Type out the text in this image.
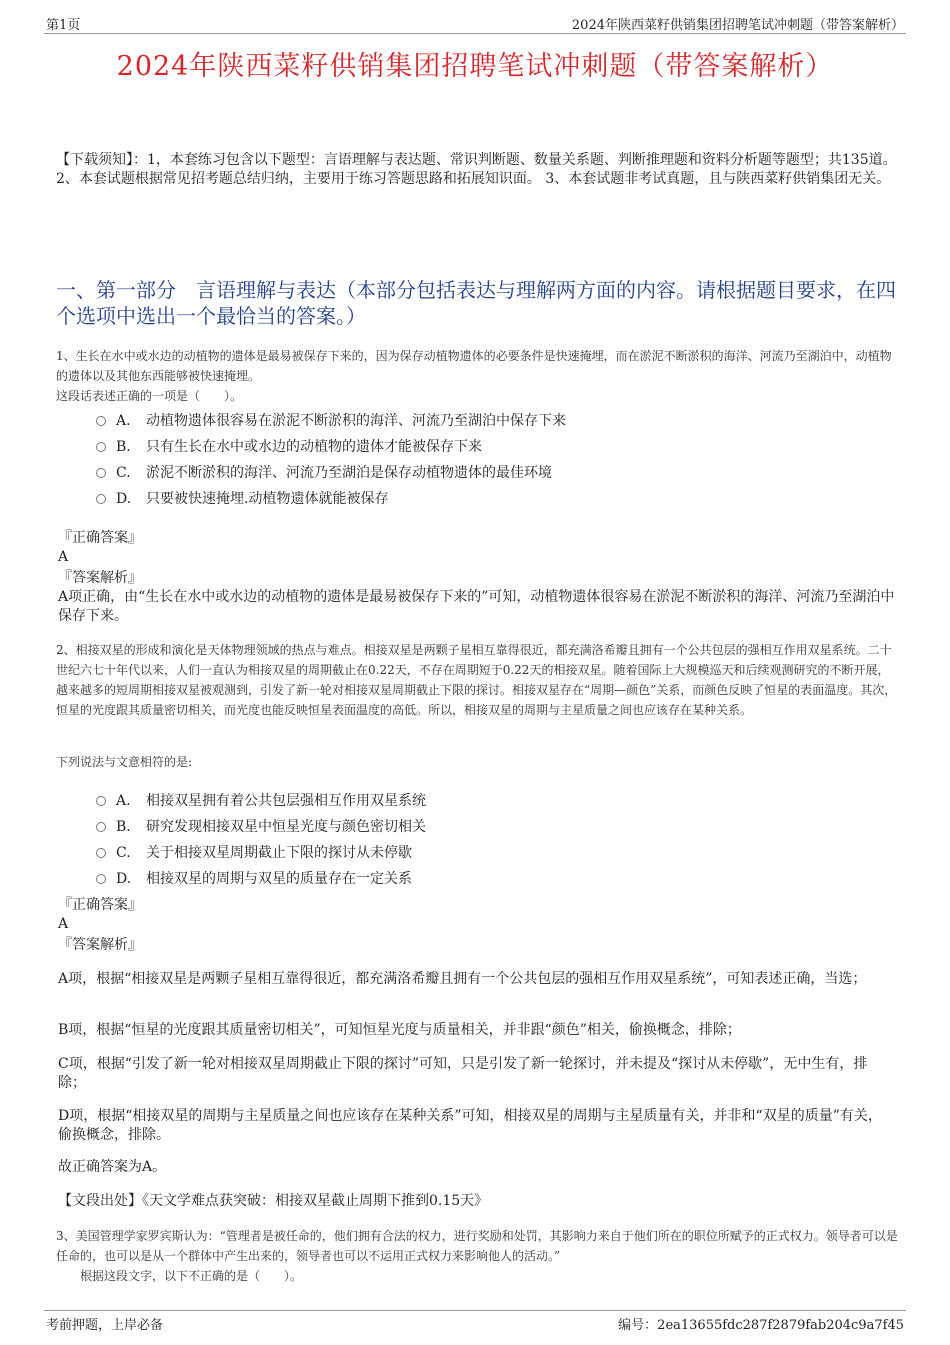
第1页	2024年陕西菜籽供销集团招聘笔试冲刺题（带答案解析）
2024年陕西菜籽供销集团招聘笔试冲刺题（带答案解析）
【下载须知】：1，本套练习包含以下题型：言语理解与表达题、常识判断题、数量关系题、判断推理题和资料分析题等题型；共135道。 2、本套试题根据常见招考题总结归纳，主要用于练习答题思路和拓展知识面。 3、本套试题非考试真题，且与陕西菜籽供销集团无关。
一、第一部分　言语理解与表达（本部分包括表达与理解两方面的内容。请根据题目要求，在四个选项中选出一个最恰当的答案。）
1、生长在水中或水边的动植物的遗体是最易被保存下来的，因为保存动植物遗体的必要条件是快速掩埋，而在淤泥不断淤积的海洋、河流乃至湖泊中，动植物的遗体以及其他东西能够被快速掩埋。
这段话表述正确的一项是（　　）。
A. 动植物遗体很容易在淤泥不断淤积的海洋、河流乃至湖泊中保存下来
B. 只有生长在水中或水边的动植物的遗体才能被保存下来
C. 淤泥不断淤积的海洋、河流乃至湖泊是保存动植物遗体的最佳环境
D. 只要被快速掩埋.动植物遗体就能被保存
『正确答案』
A
『答案解析』
A项正确，由“生长在水中或水边的动植物的遗体是最易被保存下来的”可知，动植物遗体很容易在淤泥不断淤积的海洋、河流乃至湖泊中保存下来。
2、相接双星的形成和演化是天体物理领域的热点与难点。相接双星是两颗子星相互靠得很近，都充满洛希瓣且拥有一个公共包层的强相互作用双星系统。二十世纪六七十年代以来，人们一直认为相接双星的周期截止在0.22天，不存在周期短于0.22天的相接双星。随着国际上大规模巡天和后续观测研究的不断开展，越来越多的短周期相接双星被观测到，引发了新一轮对相接双星周期截止下限的探讨。相接双星存在“周期—颜色”关系，而颜色反映了恒星的表面温度。其次，恒星的光度跟其质量密切相关，而光度也能反映恒星表面温度的高低。所以，相接双星的周期与主星质量之间也应该存在某种关系。
下列说法与文意相符的是:
A. 相接双星拥有着公共包层强相互作用双星系统
B. 研究发现相接双星中恒星光度与颜色密切相关
C. 关于相接双星周期截止下限的探讨从未停歇
D. 相接双星的周期与双星的质量存在一定关系
『正确答案』
A
『答案解析』
A项，根据“相接双星是两颗子星相互靠得很近，都充满洛希瓣且拥有一个公共包层的强相互作用双星系统”，可知表述正确，当选；
B项，根据“恒星的光度跟其质量密切相关”，可知恒星光度与质量相关，并非跟“颜色”相关，偷换概念，排除；
C项，根据“引发了新一轮对相接双星周期截止下限的探讨”可知，只是引发了新一轮探讨，并未提及“探讨从未停歇”，无中生有，排除；
D项，根据“相接双星的周期与主星质量之间也应该存在某种关系”可知，相接双星的周期与主星质量有关，并非和“双星的质量”有关，偷换概念，排除。
故正确答案为A。
【文段出处】《天文学难点获突破：相接双星截止周期下推到0.15天》
3、美国管理学家罗宾斯认为：“管理者是被任命的，他们拥有合法的权力，进行奖励和处罚，其影响力来自于他们所在的职位所赋予的正式权力。领导者可以是任命的，也可以是从一个群体中产生出来的，领导者也可以不运用正式权力来影响他人的活动。”
根据这段文字，以下不正确的是（　　）。
考前押题，上岸必备	编号：2ea13655fdc287f2879fab204c9a7f45
